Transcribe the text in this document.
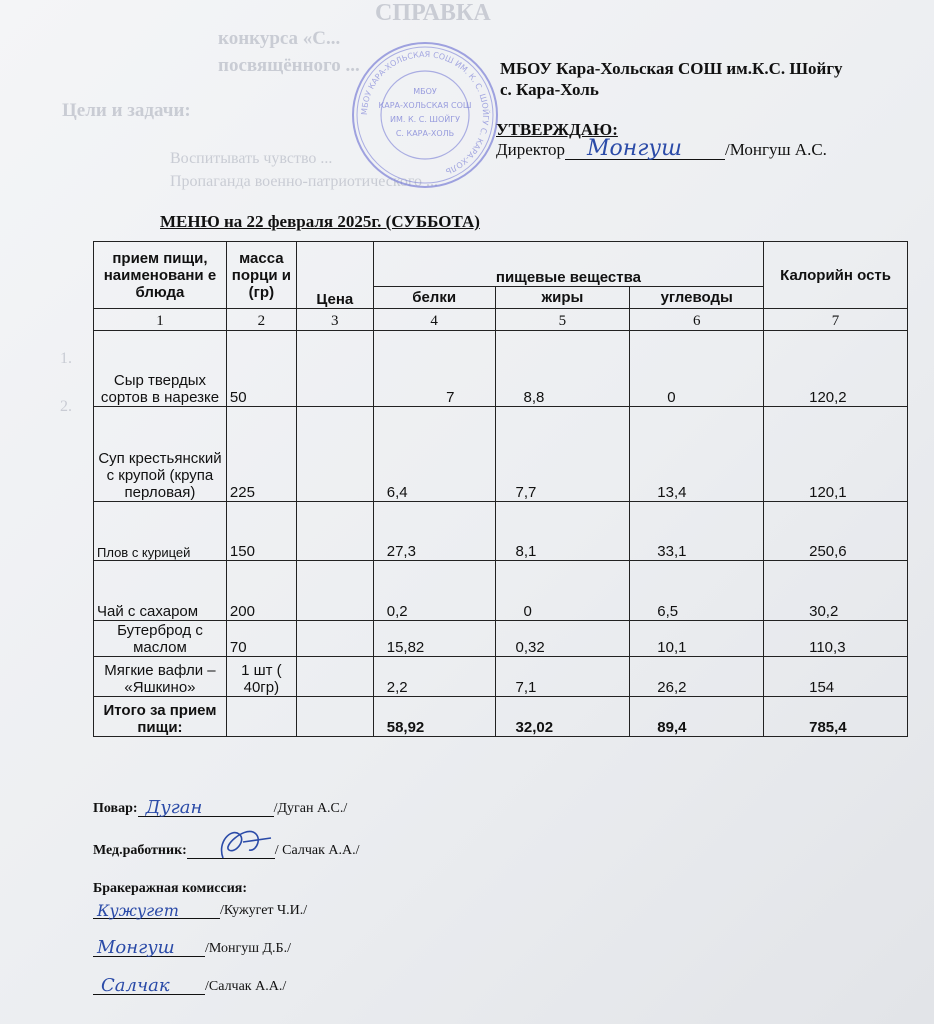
СПРАВКА
конкурса «С...
посвящённого ...
Цели и задачи:
Воспитывать чувство ...
Пропаганда военно-патриотического ...
1.
2.
МБОУ КАРА-ХОЛЬСКАЯ СОШ ИМ. К. С. ШОЙГУ С. КАРА-ХОЛЬ
МБОУ
КАРА-ХОЛЬСКАЯ СОШ
ИМ. К. С. ШОЙГУ
С. КАРА-ХОЛЬ
МБОУ Кара-Хольская СОШ им.К.С. Шойгу
с. Кара-Холь
УТВЕРЖДАЮ:
Директор Монгуш	/Монгуш А.С.
МЕНЮ на 22 февраля 2025г. (СУББОТА)
прием пищи, наименовани е блюда	масса порци и (гр)	Цена	пищевые вещества			Калорийн ость
			белки	жиры	углеводы	
1	2	3	4	5	6	7
Сыр твердых сортов в нарезке	50		7	8,8	0	120,2
Суп крестьянский с крупой (крупа перловая)	225		6,4	7,7	13,4	120,1
Плов с курицей	150		27,3	8,1	33,1	250,6
Чай с сахаром	200		0,2	0	6,5	30,2
Бутерброд с маслом	70		15,82	0,32	10,1	110,3
Мягкие вафли – «Яшкино»	1 шт ( 40гр)		2,2	7,1	26,2	154
Итого за прием пищи:			58,92	32,02	89,4	785,4
Повар: Дуган	/Дуган А.С./
Мед.работник:	/ Салчак А.А./
Бракеражная комиссия:
Кужугет	/Кужугет Ч.И./
Монгуш /Монгуш Д.Б./
Салчак	/Салчак А.А./
